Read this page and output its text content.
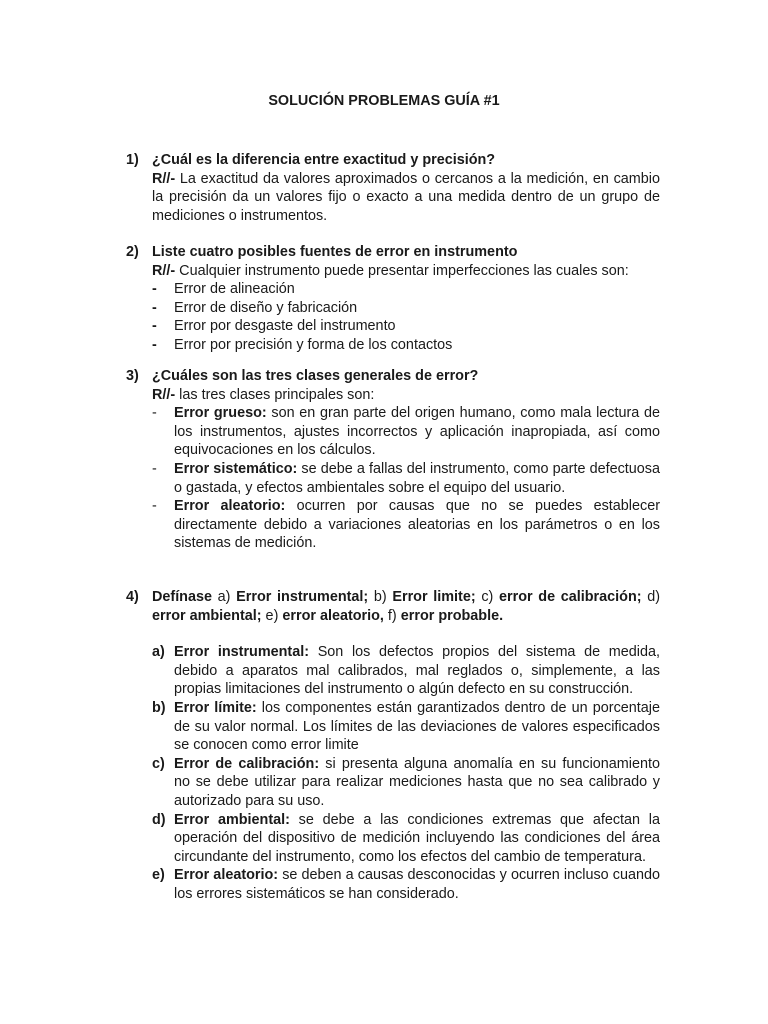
SOLUCIÓN PROBLEMAS GUÍA #1
1) ¿Cuál es la diferencia entre exactitud y precisión?
R//- La exactitud da valores aproximados o cercanos a la medición, en cambio la precisión da un valores fijo o exacto a una medida dentro de un grupo de mediciones o instrumentos.
2) Liste cuatro posibles fuentes de error en instrumento
R//- Cualquier instrumento puede presentar imperfecciones las cuales son:
- Error de alineación
- Error de diseño y fabricación
- Error por desgaste del instrumento
- Error por precisión y forma de los contactos
3) ¿Cuáles son las tres clases generales de error?
R//- las tres clases principales son:
- Error grueso: son en gran parte del origen humano, como mala lectura de los instrumentos, ajustes incorrectos y aplicación inapropiada, así como equivocaciones en los cálculos.
- Error sistemático: se debe a fallas del instrumento, como parte defectuosa o gastada, y efectos ambientales sobre el equipo del usuario.
- Error aleatorio: ocurren por causas que no se puedes establecer directamente debido a variaciones aleatorias en los parámetros o en los sistemas de medición.
4) Defínase a) Error instrumental; b) Error limite; c) error de calibración; d) error ambiental; e) error aleatorio, f) error probable.
a) Error instrumental: Son los defectos propios del sistema de medida, debido a aparatos mal calibrados, mal reglados o, simplemente, a las propias limitaciones del instrumento o algún defecto en su construcción.
b) Error límite: los componentes están garantizados dentro de un porcentaje de su valor normal. Los límites de las deviaciones de valores especificados se conocen como error limite
c) Error de calibración: si presenta alguna anomalía en su funcionamiento no se debe utilizar para realizar mediciones hasta que no sea calibrado y autorizado para su uso.
d) Error ambiental: se debe a las condiciones extremas que afectan la operación del dispositivo de medición incluyendo las condiciones del área circundante del instrumento, como los efectos del cambio de temperatura.
e) Error aleatorio: se deben a causas desconocidas y ocurren incluso cuando los errores sistemáticos se han considerado.
